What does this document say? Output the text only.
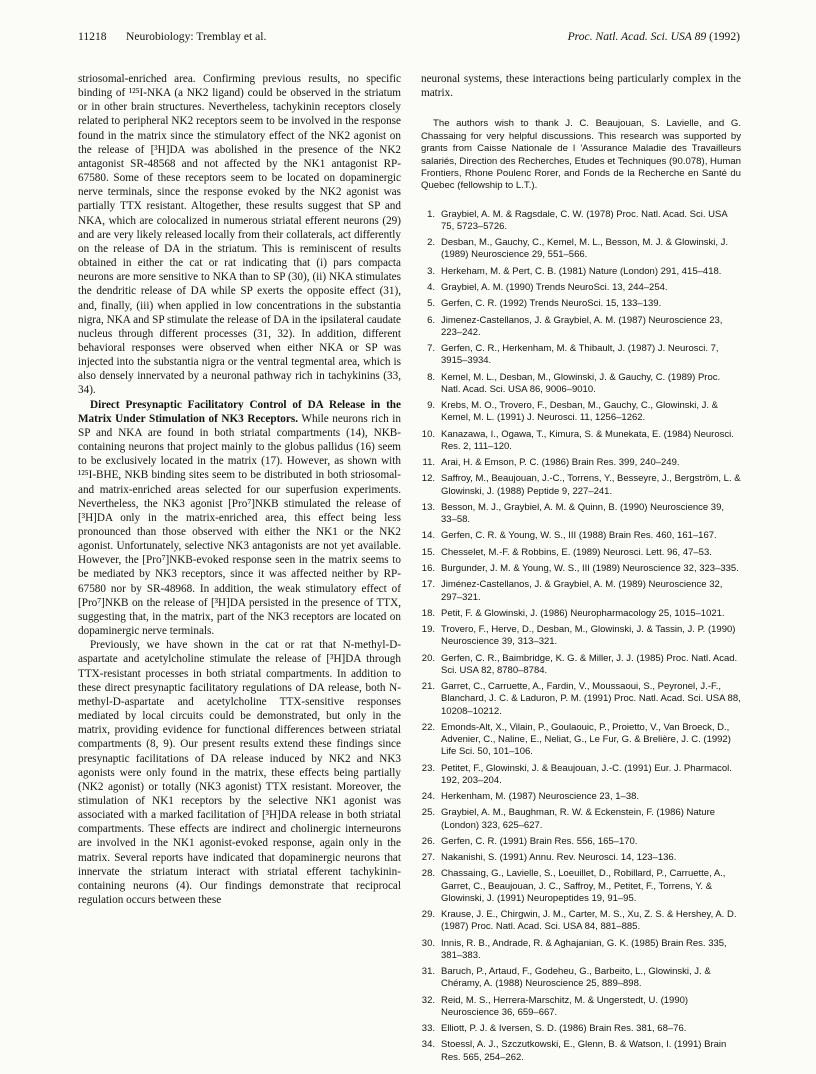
11218 Neurobiology: Tremblay et al.	Proc. Natl. Acad. Sci. USA 89 (1992)

striosomal-enriched area. Confirming previous results, no specific binding of ¹²⁵I-NKA (a NK2 ligand) could be observed in the striatum or in other brain structures. Nevertheless, tachykinin receptors closely related to peripheral NK2 receptors seem to be involved in the response found in the matrix since the stimulatory effect of the NK2 agonist on the release of [³H]DA was abolished in the presence of the NK2 antagonist SR-48568 and not affected by the NK1 antagonist RP-67580. Some of these receptors seem to be located on dopaminergic nerve terminals, since the response evoked by the NK2 agonist was partially TTX resistant. Altogether, these results suggest that SP and NKA, which are colocalized in numerous striatal efferent neurons (29) and are very likely released locally from their collaterals, act differently on the release of DA in the striatum. This is reminiscent of results obtained in either the cat or rat indicating that (i) pars compacta neurons are more sensitive to NKA than to SP (30), (ii) NKA stimulates the dendritic release of DA while SP exerts the opposite effect (31), and, finally, (iii) when applied in low concentrations in the substantia nigra, NKA and SP stimulate the release of DA in the ipsilateral caudate nucleus through different processes (31, 32). In addition, different behavioral responses were observed when either NKA or SP was injected into the substantia nigra or the ventral tegmental area, which is also densely innervated by a neuronal pathway rich in tachykinins (33, 34).

Direct Presynaptic Facilitatory Control of DA Release in the Matrix Under Stimulation of NK3 Receptors. While neurons rich in SP and NKA are found in both striatal compartments (14), NKB-containing neurons that project mainly to the globus pallidus (16) seem to be exclusively located in the matrix (17). However, as shown with ¹²⁵I-BHE, NKB binding sites seem to be distributed in both striosomal- and matrix-enriched areas selected for our superfusion experiments. Nevertheless, the NK3 agonist [Pro⁷]NKB stimulated the release of [³H]DA only in the matrix-enriched area, this effect being less pronounced than those observed with either the NK1 or the NK2 agonist. Unfortunately, selective NK3 antagonists are not yet available. However, the [Pro⁷]NKB-evoked response seen in the matrix seems to be mediated by NK3 receptors, since it was affected neither by RP-67580 nor by SR-48968. In addition, the weak stimulatory effect of [Pro⁷]NKB on the release of [³H]DA persisted in the presence of TTX, suggesting that, in the matrix, part of the NK3 receptors are located on dopaminergic nerve terminals.

Previously, we have shown in the cat or rat that N-methyl-D-aspartate and acetylcholine stimulate the release of [³H]DA through TTX-resistant processes in both striatal compartments. In addition to these direct presynaptic facilitatory regulations of DA release, both N-methyl-D-aspartate and acetylcholine TTX-sensitive responses mediated by local circuits could be demonstrated, but only in the matrix, providing evidence for functional differences between striatal compartments (8, 9). Our present results extend these findings since presynaptic facilitations of DA release induced by NK2 and NK3 agonists were only found in the matrix, these effects being partially (NK2 agonist) or totally (NK3 agonist) TTX resistant. Moreover, the stimulation of NK1 receptors by the selective NK1 agonist was associated with a marked facilitation of [³H]DA release in both striatal compartments. These effects are indirect and cholinergic interneurons are involved in the NK1 agonist-evoked response, again only in the matrix. Several reports have indicated that dopaminergic neurons that innervate the striatum interact with striatal efferent tachykinin-containing neurons (4). Our findings demonstrate that reciprocal regulation occurs between these

neuronal systems, these interactions being particularly complex in the matrix.

The authors wish to thank J. C. Beaujouan, S. Lavielle, and G. Chassaing for very helpful discussions. This research was supported by grants from Caisse Nationale de l 'Assurance Maladie des Travailleurs salariés, Direction des Recherches, Etudes et Techniques (90.078), Human Frontiers, Rhone Poulenc Rorer, and Fonds de la Recherche en Santé du Quebec (fellowship to L.T.).

1. Graybiel, A. M. & Ragsdale, C. W. (1978) Proc. Natl. Acad. Sci. USA 75, 5723–5726.
2. Desban, M., Gauchy, C., Kemel, M. L., Besson, M. J. & Glowinski, J. (1989) Neuroscience 29, 551–566.
3. Herkeham, M. & Pert, C. B. (1981) Nature (London) 291, 415–418.
4. Graybiel, A. M. (1990) Trends NeuroSci. 13, 244–254.
5. Gerfen, C. R. (1992) Trends NeuroSci. 15, 133–139.
6. Jimenez-Castellanos, J. & Graybiel, A. M. (1987) Neuroscience 23, 223–242.
7. Gerfen, C. R., Herkenham, M. & Thibault, J. (1987) J. Neurosci. 7, 3915–3934.
8. Kemel, M. L., Desban, M., Glowinski, J. & Gauchy, C. (1989) Proc. Natl. Acad. Sci. USA 86, 9006–9010.
9. Krebs, M. O., Trovero, F., Desban, M., Gauchy, C., Glowinski, J. & Kemel, M. L. (1991) J. Neurosci. 11, 1256–1262.
10. Kanazawa, I., Ogawa, T., Kimura, S. & Munekata, E. (1984) Neurosci. Res. 2, 111–120.
11. Arai, H. & Emson, P. C. (1986) Brain Res. 399, 240–249.
12. Saffroy, M., Beaujouan, J.-C., Torrens, Y., Besseyre, J., Bergström, L. & Glowinski, J. (1988) Peptide 9, 227–241.
13. Besson, M. J., Graybiel, A. M. & Quinn, B. (1990) Neuroscience 39, 33–58.
14. Gerfen, C. R. & Young, W. S., III (1988) Brain Res. 460, 161–167.
15. Chesselet, M.-F. & Robbins, E. (1989) Neurosci. Lett. 96, 47–53.
16. Burgunder, J. M. & Young, W. S., III (1989) Neuroscience 32, 323–335.
17. Jiménez-Castellanos, J. & Graybiel, A. M. (1989) Neuroscience 32, 297–321.
18. Petit, F. & Glowinski, J. (1986) Neuropharmacology 25, 1015–1021.
19. Trovero, F., Herve, D., Desban, M., Glowinski, J. & Tassin, J. P. (1990) Neuroscience 39, 313–321.
20. Gerfen, C. R., Baimbridge, K. G. & Miller, J. J. (1985) Proc. Natl. Acad. Sci. USA 82, 8780–8784.
21. Garret, C., Carruette, A., Fardin, V., Moussaoui, S., Peyronel, J.-F., Blanchard, J. C. & Laduron, P. M. (1991) Proc. Natl. Acad. Sci. USA 88, 10208–10212.
22. Emonds-Alt, X., Vilain, P., Goulaouic, P., Proietto, V., Van Broeck, D., Advenier, C., Naline, E., Neliat, G., Le Fur, G. & Brelière, J. C. (1992) Life Sci. 50, 101–106.
23. Petitet, F., Glowinski, J. & Beaujouan, J.-C. (1991) Eur. J. Pharmacol. 192, 203–204.
24. Herkenham, M. (1987) Neuroscience 23, 1–38.
25. Graybiel, A. M., Baughman, R. W. & Eckenstein, F. (1986) Nature (London) 323, 625–627.
26. Gerfen, C. R. (1991) Brain Res. 556, 165–170.
27. Nakanishi, S. (1991) Annu. Rev. Neurosci. 14, 123–136.
28. Chassaing, G., Lavielle, S., Loeuillet, D., Robillard, P., Carruette, A., Garret, C., Beaujouan, J. C., Saffroy, M., Petitet, F., Torrens, Y. & Glowinski, J. (1991) Neuropeptides 19, 91–95.
29. Krause, J. E., Chirgwin, J. M., Carter, M. S., Xu, Z. S. & Hershey, A. D. (1987) Proc. Natl. Acad. Sci. USA 84, 881–885.
30. Innis, R. B., Andrade, R. & Aghajanian, G. K. (1985) Brain Res. 335, 381–383.
31. Baruch, P., Artaud, F., Godeheu, G., Barbeito, L., Glowinski, J. & Chéramy, A. (1988) Neuroscience 25, 889–898.
32. Reid, M. S., Herrera-Marschitz, M. & Ungerstedt, U. (1990) Neuroscience 36, 659–667.
33. Elliott, P. J. & Iversen, S. D. (1986) Brain Res. 381, 68–76.
34. Stoessl, A. J., Szczutkowski, E., Glenn, B. & Watson, I. (1991) Brain Res. 565, 254–262.
